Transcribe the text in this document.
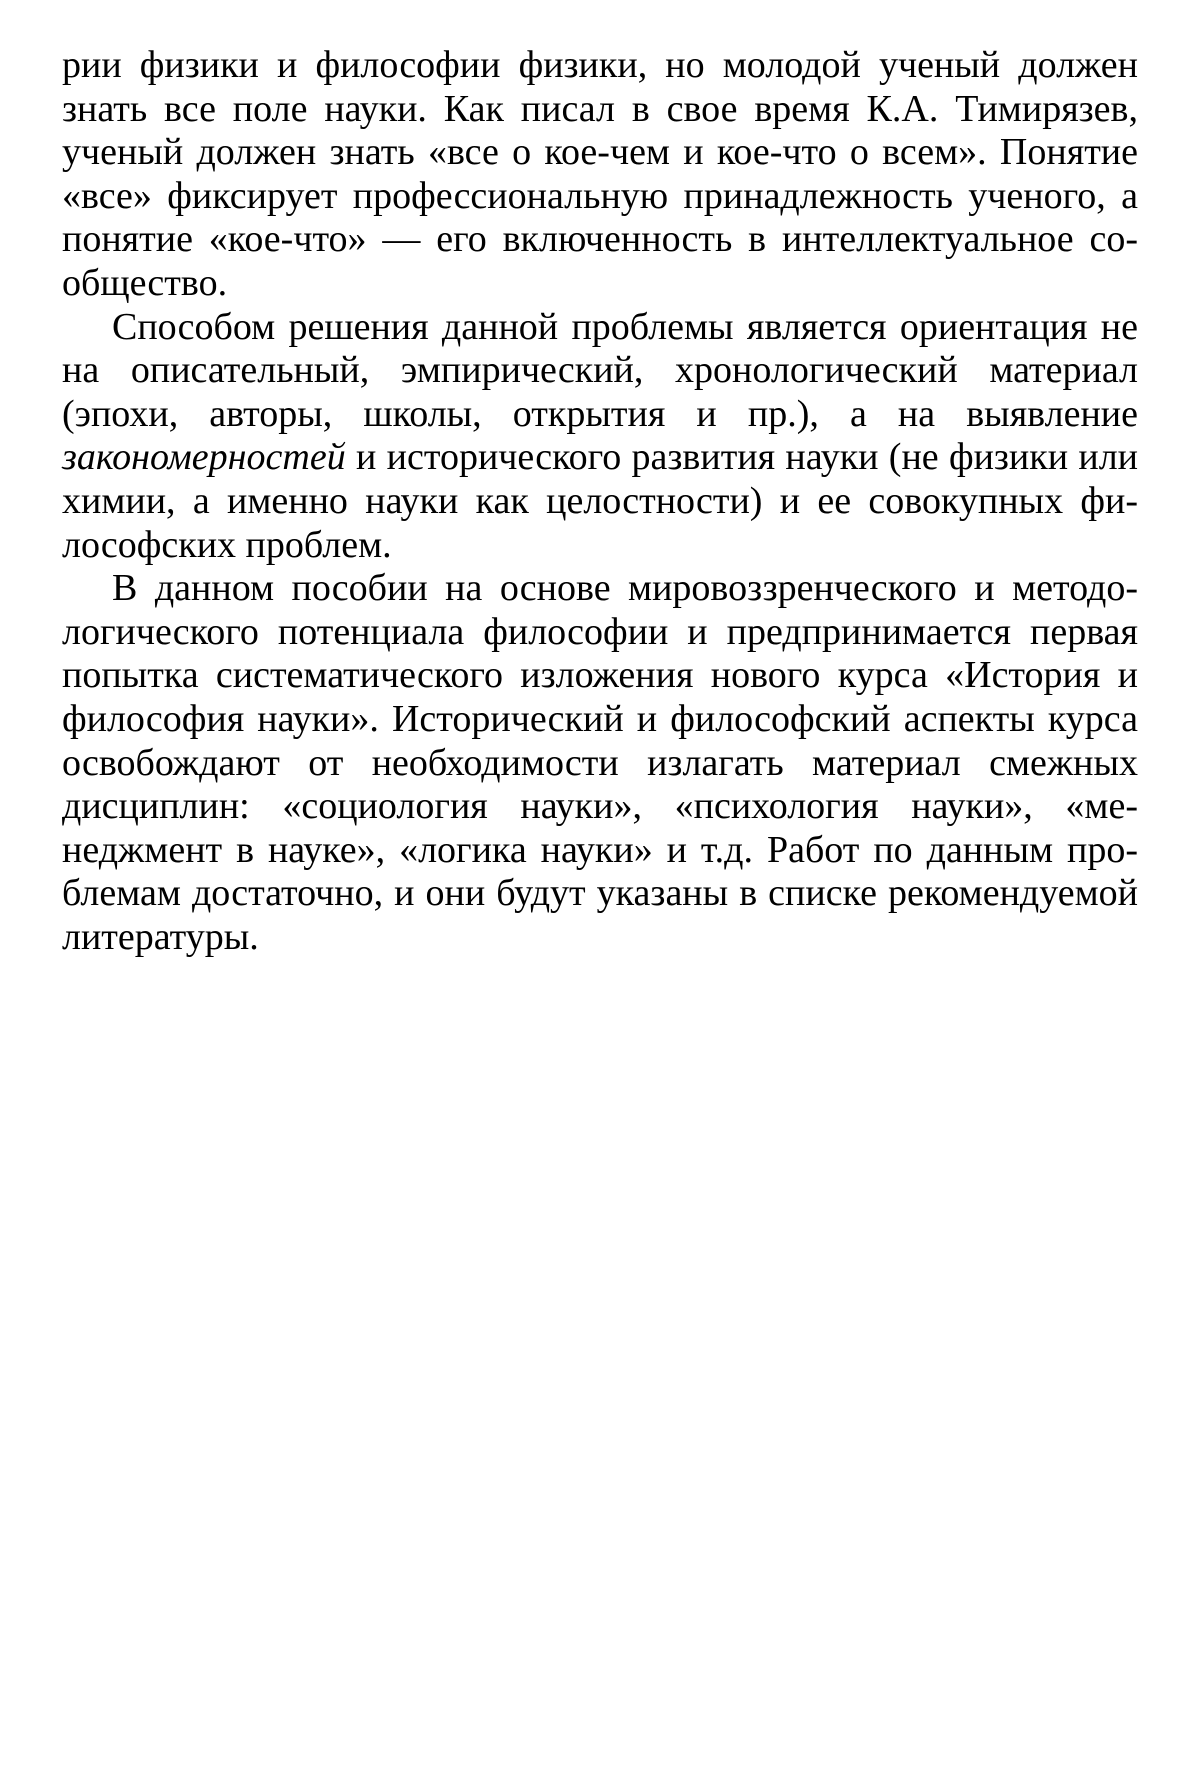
рии физики и философии физики, но молодой ученый должен знать все поле науки. Как писал в свое время К.А. Тимирязев, ученый должен знать «все о кое-чем и кое-что о всем». Понятие «все» фиксирует профессиональную принадлежность ученого, а понятие «кое-что» — его включенность в интеллектуальное сообщество.

Способом решения данной проблемы является ориентация не на описательный, эмпирический, хронологический материал (эпохи, авторы, школы, открытия и пр.), а на выявление закономерностей и исторического развития науки (не физики или химии, а именно науки как целостности) и ее совокупных философских проблем.

В данном пособии на основе мировоззренческого и методологического потенциала философии и предпринимается первая попытка систематического изложения нового курса «История и философия науки». Исторический и философский аспекты курса освобождают от необходимости излагать материал смежных дисциплин: «социология науки», «психология науки», «менеджмент в науке», «логика науки» и т.д. Работ по данным проблемам достаточно, и они будут указаны в списке рекомендуемой литературы.
